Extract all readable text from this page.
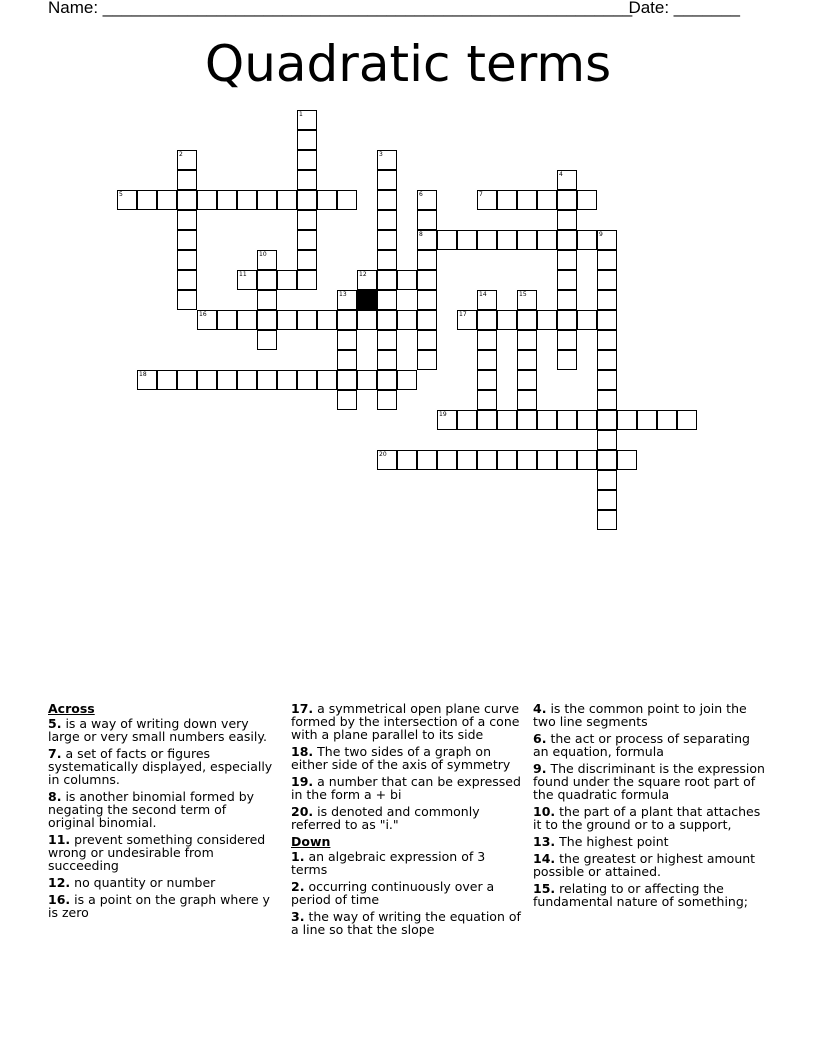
Name: ________________________________________________________
Date: _______
Quadratic terms
1
2	3
4
5	6
8
7
9
10
11	12
13	14	15
16	17
18
19
20
Across
5. is a way of writing down very large or very small numbers easily.
7. a set of facts or figures systematically displayed, especially in columns.
8. is another binomial formed by negating the second term of original binomial.
11. prevent something considered wrong or undesirable from succeeding
12. no quantity or number
16. is a point on the graph where y is zero
17. a symmetrical open plane curve formed by the intersection of a cone with a plane parallel to its side
18. The two sides of a graph on either side of the axis of symmetry
19. a number that can be expressed in the form a + bi
20. is denoted and commonly referred to as "i."
Down
1. an algebraic expression of 3 terms
2. occurring continuously over a period of time
3. the way of writing the equation of a line so that the slope
4. is the common point to join the two line segments
6. the act or process of separating an equation, formula
9. The discriminant is the expression found under the square root part of the quadratic formula
10. the part of a plant that attaches it to the ground or to a support,
13. The highest point
14. the greatest or highest amount possible or attained.
15. relating to or affecting the fundamental nature of something;
